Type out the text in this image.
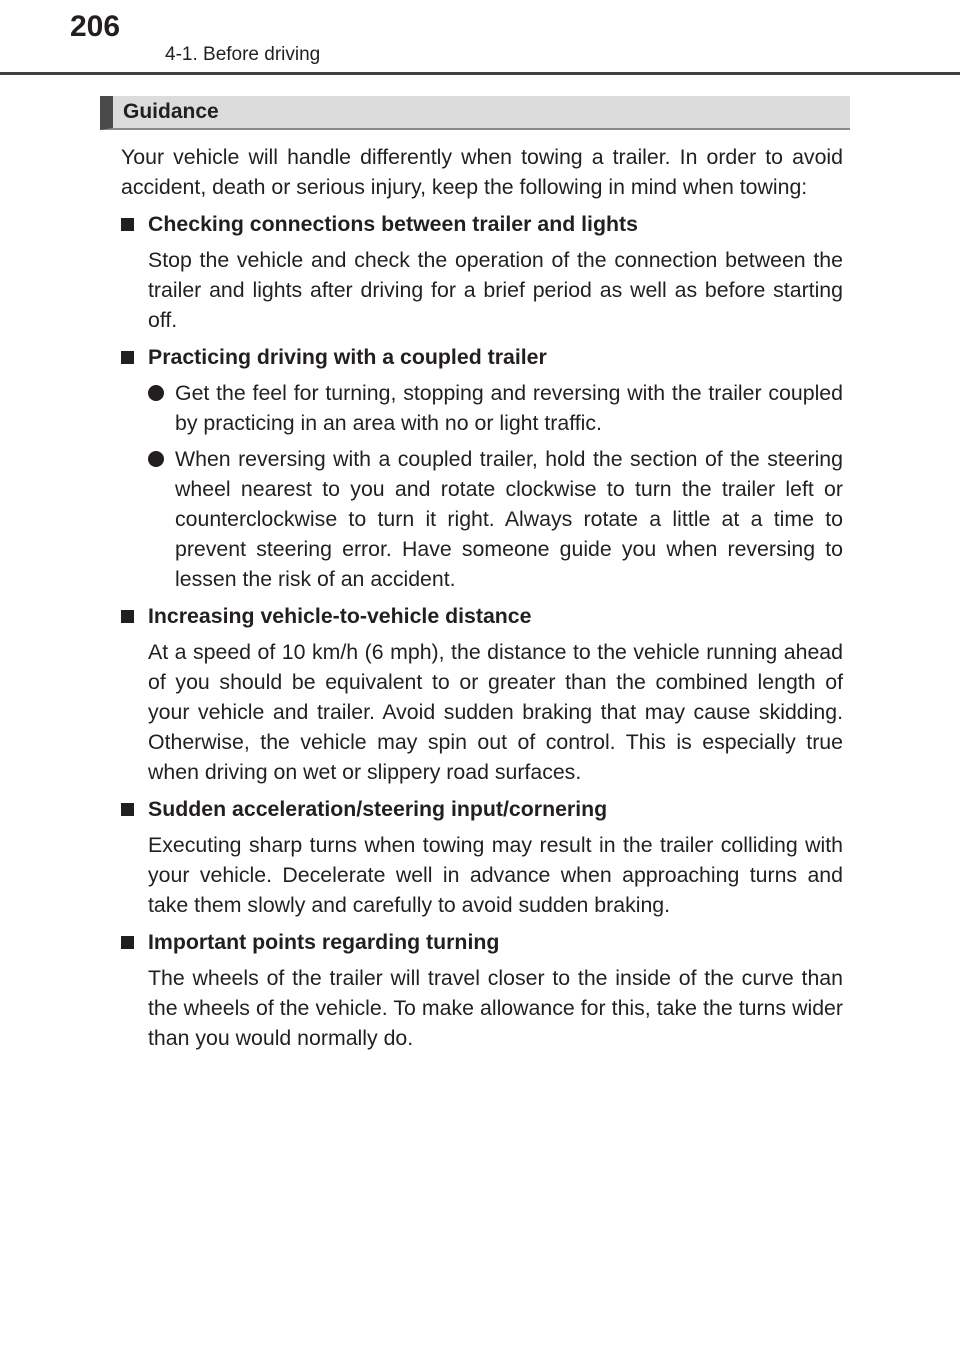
206
4-1. Before driving
Guidance

Your vehicle will handle differently when towing a trailer. In order to avoid accident, death or serious injury, keep the following in mind when towing:

Checking connections between trailer and lights
Stop the vehicle and check the operation of the connection between the trailer and lights after driving for a brief period as well as before starting off.
Practicing driving with a coupled trailer
Get the feel for turning, stopping and reversing with the trailer coupled by practicing in an area with no or light traffic.
When reversing with a coupled trailer, hold the section of the steering wheel nearest to you and rotate clockwise to turn the trailer left or counterclockwise to turn it right. Always rotate a little at a time to prevent steering error. Have someone guide you when reversing to lessen the risk of an accident.
Increasing vehicle-to-vehicle distance
At a speed of 10 km/h (6 mph), the distance to the vehicle running ahead of you should be equivalent to or greater than the combined length of your vehicle and trailer. Avoid sudden braking that may cause skidding. Otherwise, the vehicle may spin out of control. This is especially true when driving on wet or slippery road surfaces.
Sudden acceleration/steering input/cornering
Executing sharp turns when towing may result in the trailer colliding with your vehicle. Decelerate well in advance when approaching turns and take them slowly and carefully to avoid sudden braking.
Important points regarding turning
The wheels of the trailer will travel closer to the inside of the curve than the wheels of the vehicle. To make allowance for this, take the turns wider than you would normally do.
